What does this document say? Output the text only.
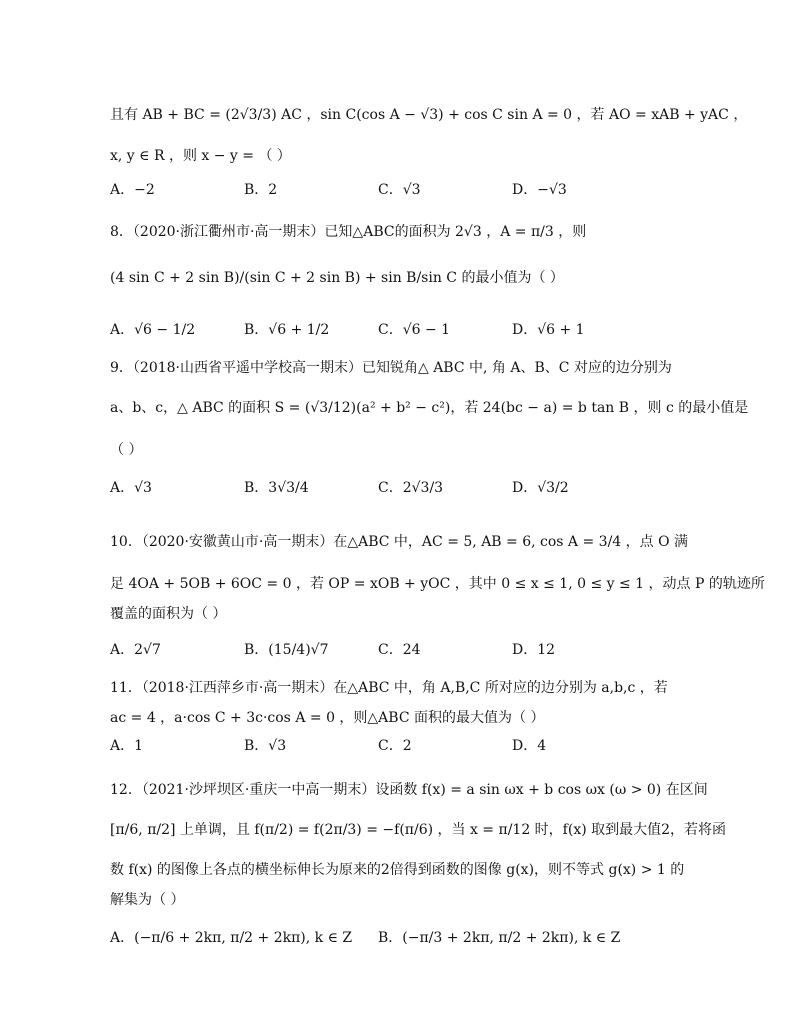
且有 AB + BC = (2√3/3) AC ，sin C(cos A − √3) + cos C sin A = 0 ，若 AO = xAB + yAC ，
x, y ∈ R ，则 x − y = （ ）
8．（2020·浙江衢州市·高一期末）已知△ABC的面积为 2√3 ，A = π/3 ，则
(4 sin C + 2 sin B)/(sin C + 2 sin B) + sin B/sin C 的最小值为（ ）
9．（2018·山西省平遥中学校高一期末）已知锐角△ ABC 中, 角 A、B、C 对应的边分别为
a、b、c，△ ABC 的面积 S = (√3/12)(a² + b² − c²)，若 24(bc − a) = b tan B ，则 c 的最小值是
（ ）
10．（2020·安徽黄山市·高一期末）在△ABC 中，AC = 5, AB = 6, cos A = 3/4 ，点 O 满
足 4OA + 5OB + 6OC = 0 ，若 OP = xOB + yOC ，其中 0 ≤ x ≤ 1, 0 ≤ y ≤ 1 ，动点 P 的轨迹所
覆盖的面积为（ ）
11．（2018·江西萍乡市·高一期末）在△ABC 中，角 A,B,C 所对应的边分别为 a,b,c ，若
ac = 4 ，a·cos C + 3c·cos A = 0 ，则△ABC 面积的最大值为（ ）
12．（2021·沙坪坝区·重庆一中高一期末）设函数 f(x) = a sin ωx + b cos ωx (ω > 0) 在区间
[π/6, π/2] 上单调，且 f(π/2) = f(2π/3) = −f(π/6) ，当 x = π/12 时，f(x) 取到最大值2，若将函
数 f(x) 的图像上各点的横坐标伸长为原来的2倍得到函数的图像 g(x)，则不等式 g(x) > 1 的
解集为（ ）
A．−2	B．2	C．√3	D．−√3
A．√6 − 1/2	B．√6 + 1/2	C．√6 − 1	D．√6 + 1
A．√3	B．3√3/4	C．2√3/3	D．√3/2
A．2√7	B．(15/4)√7	C．24	D．12
A．1	B．√3	C．2	D．4
A．(−π/6 + 2kπ, π/2 + 2kπ), k ∈ Z B．(−π/3 + 2kπ, π/2 + 2kπ), k ∈ Z
